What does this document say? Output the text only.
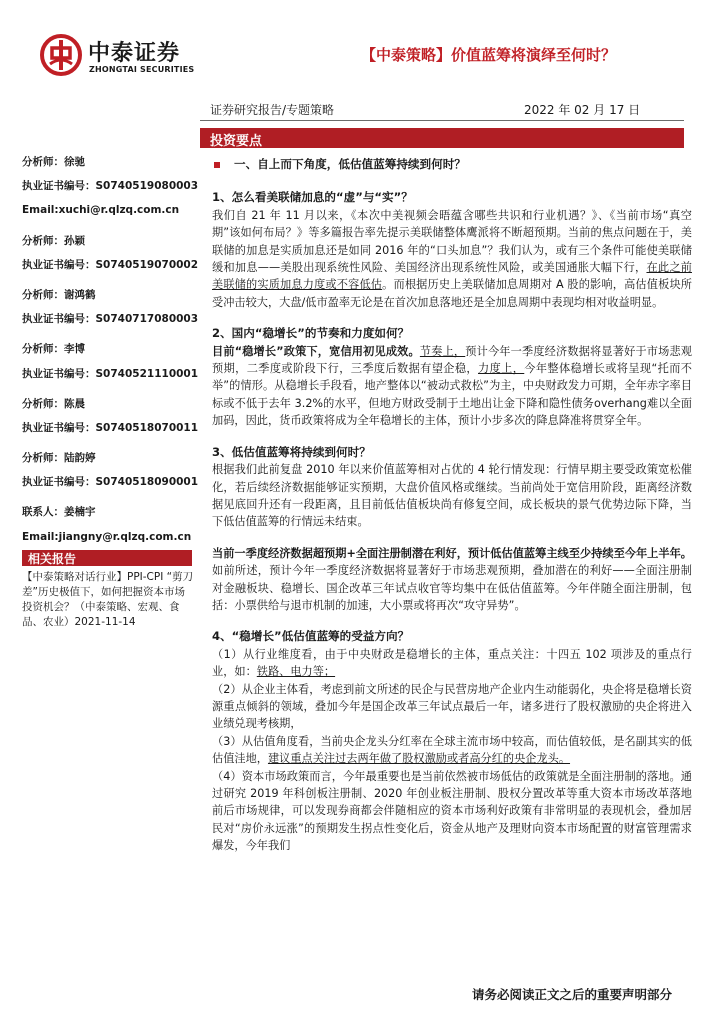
中泰证券
ZHONGTAI SECURITIES
【中泰策略】价值蓝筹将演绎至何时？
证券研究报告/专题策略	2022 年 02 月 17 日
投资要点
分析师：徐驰
执业证书编号：S0740519080003
Email:xuchi@r.qlzq.com.cn
分析师：孙颖
执业证书编号：S0740519070002
分析师：谢鸿鹤
执业证书编号：S0740717080003
分析师：李博
执业证书编号：S0740521110001
分析师：陈晨
执业证书编号：S0740518070011
分析师：陆韵婷
执业证书编号：S0740518090001
联系人：姜楠宇
Email:jiangny@r.qlzq.com.cn
相关报告
【中泰策略对话行业】PPI-CPI “剪刀差”历史极值下，如何把握资本市场投资机会？（中泰策略、宏观、食品、农业）2021-11-14
一、自上而下角度，低估值蓝筹持续到何时？
1、怎么看美联储加息的“虚”与“实”？
我们自 21 年 11 月以来，《本次中美视频会晤蕴含哪些共识和行业机遇？》、《当前市场“真空期”该如何布局？》等多篇报告率先提示美联储整体鹰派将不断超预期。当前的焦点问题在于，美联储的加息是实质加息还是如同 2016 年的“口头加息”？我们认为，或有三个条件可能使美联储缓和加息——美股出现系统性风险、美国经济出现系统性风险，或美国通胀大幅下行，在此之前美联储的实质加息力度或不容低估。而根据历史上美联储加息周期对 A 股的影响，高估值板块所受冲击较大，大盘/低市盈率无论是在首次加息落地还是全加息周期中表现均相对收益明显。
2、国内“稳增长”的节奏和力度如何？
目前“稳增长”政策下，宽信用初见成效。节奏上，预计今年一季度经济数据将显著好于市场悲观预期，二季度或阶段下行，三季度后数据有望企稳，力度上，今年整体稳增长或将呈现“托而不举”的情形。从稳增长手段看，地产整体以“被动式救松”为主，中央财政发力可期，全年赤字率目标或不低于去年 3.2%的水平，但地方财政受制于土地出让金下降和隐性债务overhang难以全面加码，因此，货币政策将成为全年稳增长的主体，预计小步多次的降息降准将贯穿全年。
3、低估值蓝筹将持续到何时？
根据我们此前复盘 2010 年以来价值蓝筹相对占优的 4 轮行情发现：行情早期主要受政策宽松催化，若后续经济数据能够证实预期，大盘价值风格或继续。当前尚处于宽信用阶段，距离经济数据见底回升还有一段距离，且目前低估值板块尚有修复空间，成长板块的景气优势边际下降，当下低估值蓝筹的行情远未结束。
当前一季度经济数据超预期+全面注册制潜在利好，预计低估值蓝筹主线至少持续至今年上半年。如前所述，预计今年一季度经济数据将显著好于市场悲观预期，叠加潜在的利好——全面注册制对金融板块、稳增长、国企改革三年试点收官等均集中在低估值蓝筹。今年伴随全面注册制，包括：小票供给与退市机制的加速，大小票或将再次“攻守异势”。
4、“稳增长”低估值蓝筹的受益方向？
（1）从行业维度看，由于中央财政是稳增长的主体，重点关注：十四五 102 项涉及的重点行业，如：铁路、电力等；
（2）从企业主体看，考虑到前文所述的民企与民营房地产企业内生动能弱化，央企将是稳增长资源重点倾斜的领域，叠加今年是国企改革三年试点最后一年，诸多进行了股权激励的央企将进入业绩兑现考核期，
（3）从估值角度看，当前央企龙头分红率在全球主流市场中较高，而估值较低，是名副其实的低估值洼地，建议重点关注过去两年做了股权激励或者高分红的央企龙头。
（4）资本市场政策而言，今年最重要也是当前依然被市场低估的政策就是全面注册制的落地。通过研究 2019 年科创板注册制、2020 年创业板注册制、股权分置改革等重大资本市场改革落地前后市场规律，可以发现券商都会伴随相应的资本市场利好政策有非常明显的表现机会，叠加居民对“房价永远涨”的预期发生拐点性变化后，资金从地产及理财向资本市场配置的财富管理需求爆发，今年我们
请务必阅读正文之后的重要声明部分
